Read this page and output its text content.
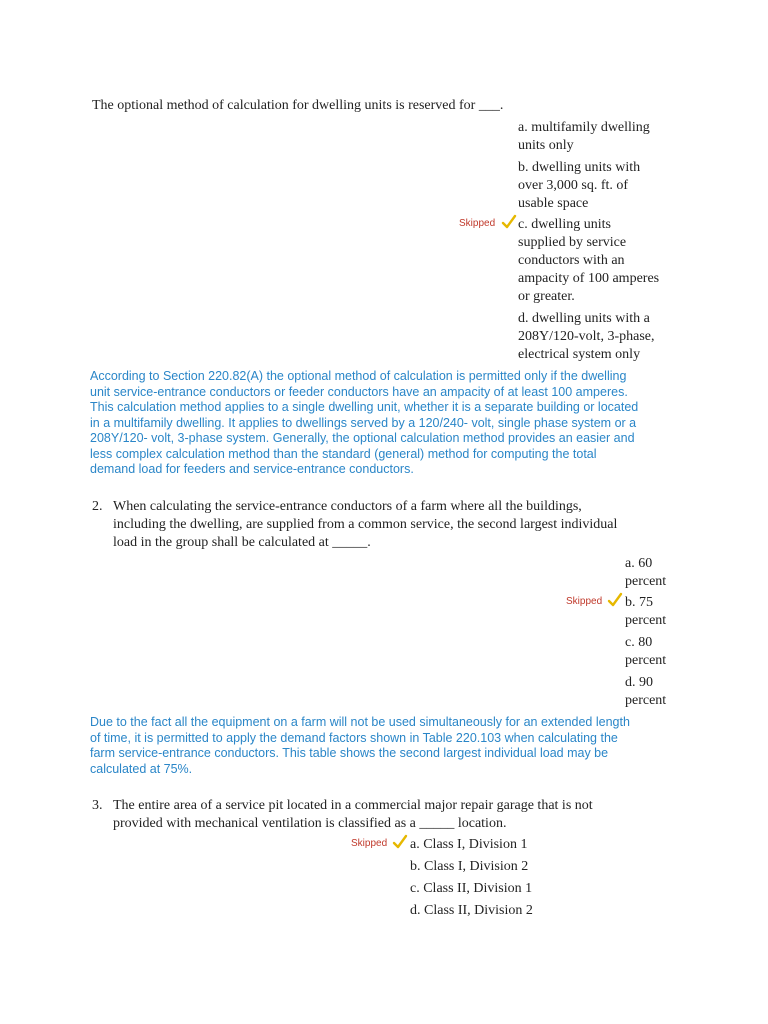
The optional method of calculation for dwelling units is reserved for ___.
a. multifamily dwelling
units only
b. dwelling units with
over 3,000 sq. ft. of
usable space
Skipped c. dwelling units
supplied by service
conductors with an
ampacity of 100 amperes
or greater.
d. dwelling units with a
208Y/120-volt, 3-phase,
electrical system only
According to Section 220.82(A) the optional method of calculation is permitted only if the dwelling
unit service-entrance conductors or feeder conductors have an ampacity of at least 100 amperes.
This calculation method applies to a single dwelling unit, whether it is a separate building or located
in a multifamily dwelling. It applies to dwellings served by a 120/240- volt, single phase system or a
208Y/120- volt, 3-phase system. Generally, the optional calculation method provides an easier and
less complex calculation method than the standard (general) method for computing the total
demand load for feeders and service-entrance conductors.
2. When calculating the service-entrance conductors of a farm where all the buildings,
including the dwelling, are supplied from a common service, the second largest individual
load in the group shall be calculated at _____.
a. 60
percent
Skipped b. 75
percent
c. 80
percent
d. 90
percent
Due to the fact all the equipment on a farm will not be used simultaneously for an extended length
of time, it is permitted to apply the demand factors shown in Table 220.103 when calculating the
farm service-entrance conductors. This table shows the second largest individual load may be
calculated at 75%.
3. The entire area of a service pit located in a commercial major repair garage that is not
provided with mechanical ventilation is classified as a _____ location.
Skipped a. Class I, Division 1
b. Class I, Division 2
c. Class II, Division 1
d. Class II, Division 2
